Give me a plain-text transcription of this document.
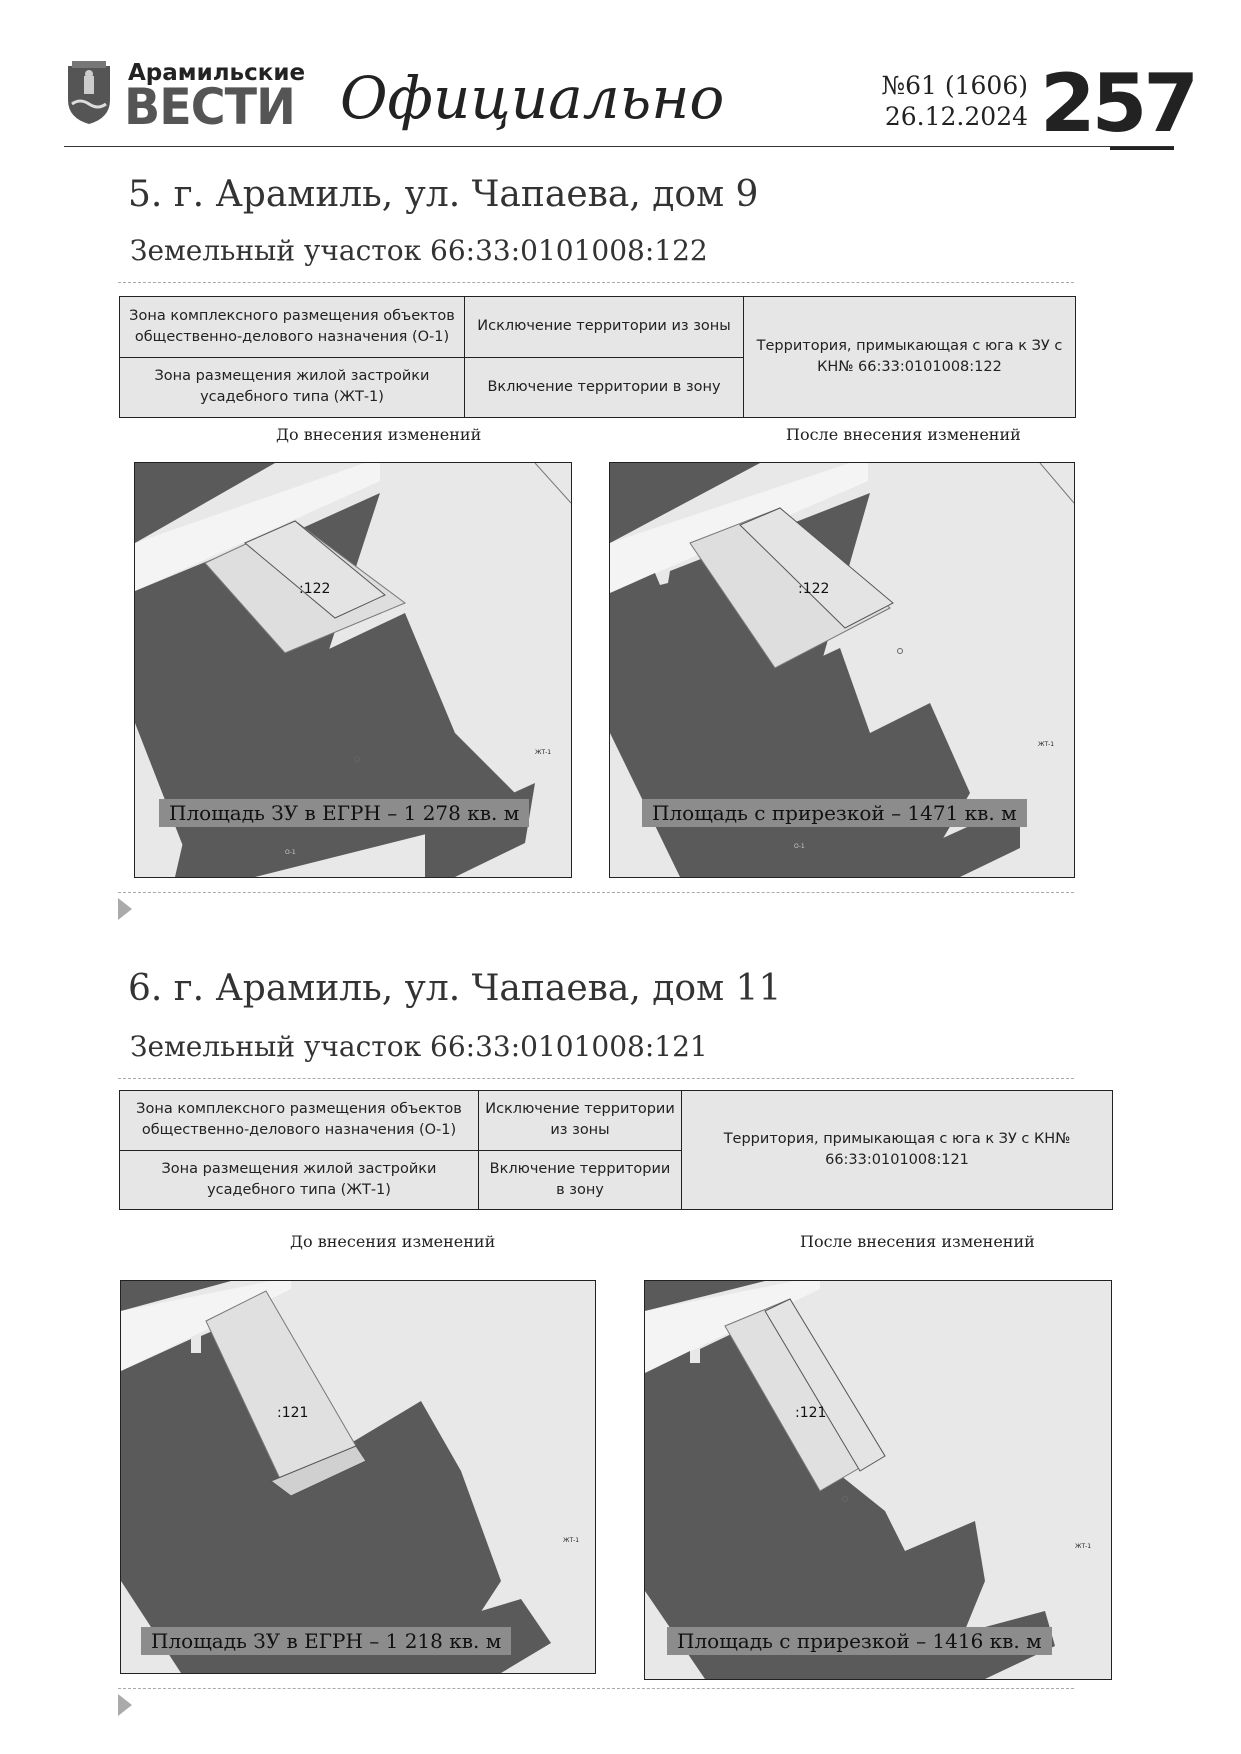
Арамильские
ВЕСТИ Официально	№61 (1606)
26.12.2024 257
5. г. Арамиль, ул. Чапаева, дом 9
Земельный участок 66:33:0101008:122
Зона комплексного размещения объектов общественно-делового назначения (О-1)	Исключение территории из зоны	Территория, примыкающая с юга к ЗУ с КН№ 66:33:0101008:122
Зона размещения жилой застройки усадебного типа (ЖТ-1)	Включение территории в зону	
До внесения изменений	После внесения изменений
:122
ЖТ-1
О-1
Площадь ЗУ в ЕГРН – 1 278 кв. м
:122
ЖТ-1
О-1
Площадь с прирезкой – 1471 кв. м
6. г. Арамиль, ул. Чапаева, дом 11
Земельный участок 66:33:0101008:121
Зона комплексного размещения объектов общественно-делового назначения (О-1)	Исключение территории из зоны	Территория, примыкающая с юга к ЗУ с КН№ 66:33:0101008:121
Зона размещения жилой застройки усадебного типа (ЖТ-1)	Включение территории в зону	
До внесения изменений	После внесения изменений
:121
ЖТ-1
Площадь ЗУ в ЕГРН – 1 218 кв. м
:121
ЖТ-1
Площадь с прирезкой – 1416 кв. м
